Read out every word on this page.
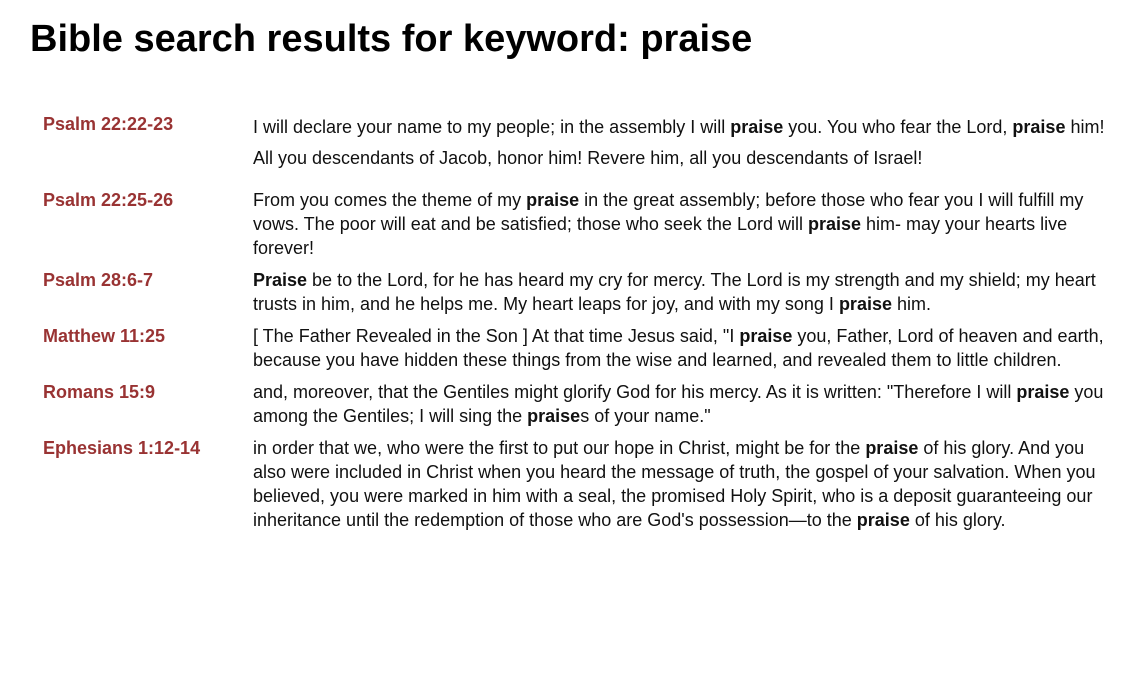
Bible search results for keyword: praise
Psalm 22:22-23	I will declare your name to my people; in the assembly I will praise you. You who fear the Lord, praise him! All you descendants of Jacob, honor him! Revere him, all you descendants of Israel!
Psalm 22:25-26	From you comes the theme of my praise in the great assembly; before those who fear you I will fulfill my vows. The poor will eat and be satisfied; those who seek the Lord will praise him- may your hearts live forever!
Psalm 28:6-7	Praise be to the Lord, for he has heard my cry for mercy. The Lord is my strength and my shield; my heart trusts in him, and he helps me. My heart leaps for joy, and with my song I praise him.
Matthew 11:25	[ The Father Revealed in the Son ] At that time Jesus said, "I praise you, Father, Lord of heaven and earth, because you have hidden these things from the wise and learned, and revealed them to little children.
Romans 15:9	and, moreover, that the Gentiles might glorify God for his mercy. As it is written: "Therefore I will praise you among the Gentiles; I will sing the praises of your name."
Ephesians 1:12-14	in order that we, who were the first to put our hope in Christ, might be for the praise of his glory. And you also were included in Christ when you heard the message of truth, the gospel of your salvation. When you believed, you were marked in him with a seal, the promised Holy Spirit, who is a deposit guaranteeing our inheritance until the redemption of those who are God's possession—to the praise of his glory.
